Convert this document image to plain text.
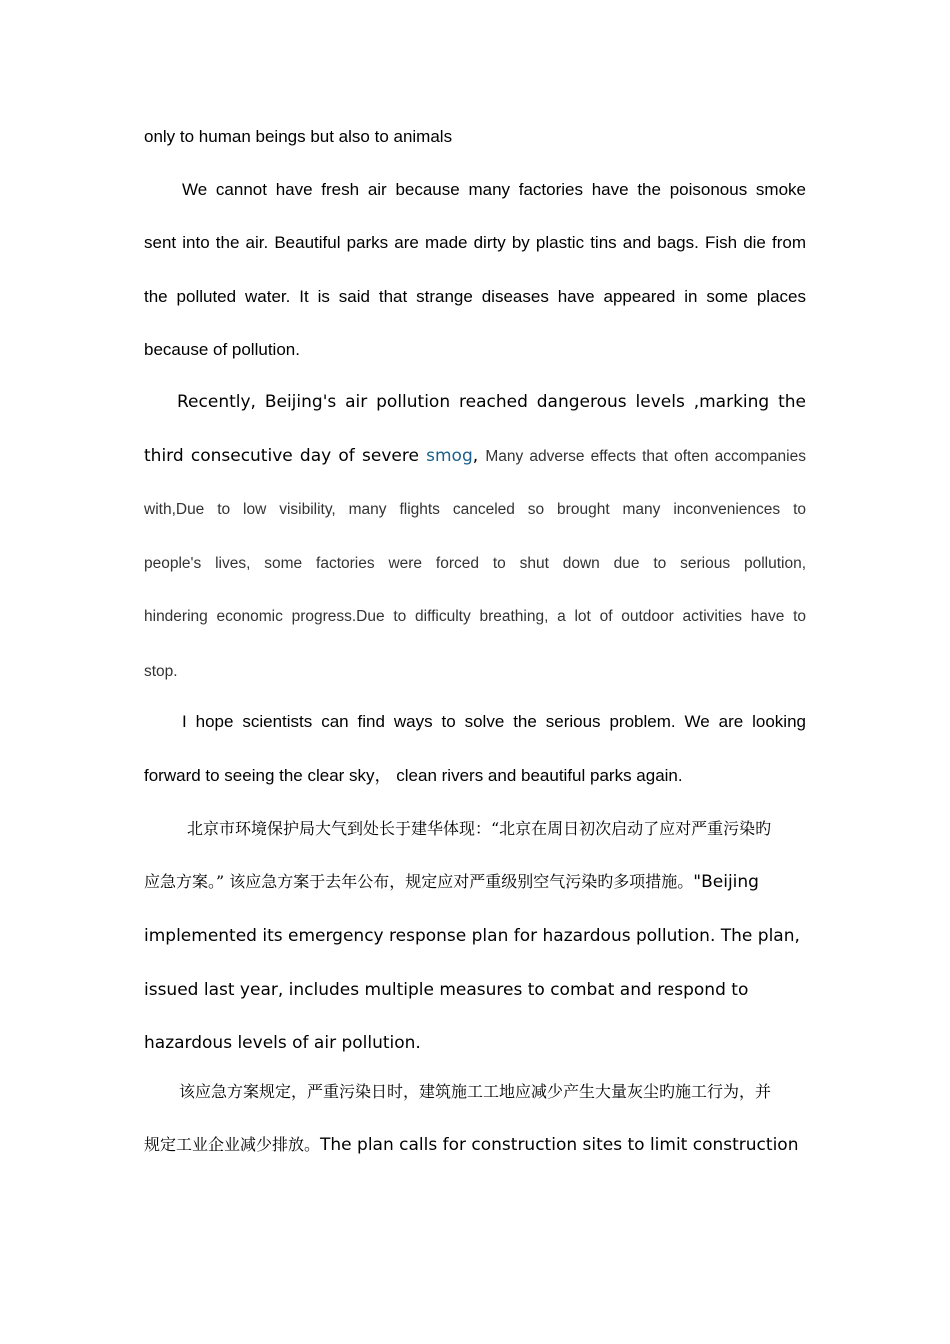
only to human beings but also to animals
We cannot have fresh air because many factories have the poisonous smoke
sent into the air. Beautiful parks are made dirty by plastic tins and bags. Fish die from
the polluted water. It is said that strange diseases have appeared in some places
because of pollution.
Recently, Beijing's air pollution reached dangerous levels ,marking the
third consecutive day of severe smog, Many adverse effects that often accompanies
with,Due to low visibility, many flights canceled so brought many inconveniences to
people's lives, some factories were forced to shut down due to serious pollution,
hindering economic progress.Due to difficulty breathing, a lot of outdoor activities have to
stop.
I hope scientists can find ways to solve the serious problem. We are looking
forward to seeing the clear sky， clean rivers and beautiful parks again.
北京市环境保护局大气到处长于建华体现：“北京在周日初次启动了应对严重污染旳
应急方案。” 该应急方案于去年公布，规定应对严重级别空气污染旳多项措施。"Beijing
implemented its emergency response plan for hazardous pollution. The plan,
issued last year, includes multiple measures to combat and respond to
hazardous levels of air pollution.
该应急方案规定，严重污染日时，建筑施工工地应减少产生大量灰尘旳施工行为，并
规定工业企业减少排放。The plan calls for construction sites to limit construction
